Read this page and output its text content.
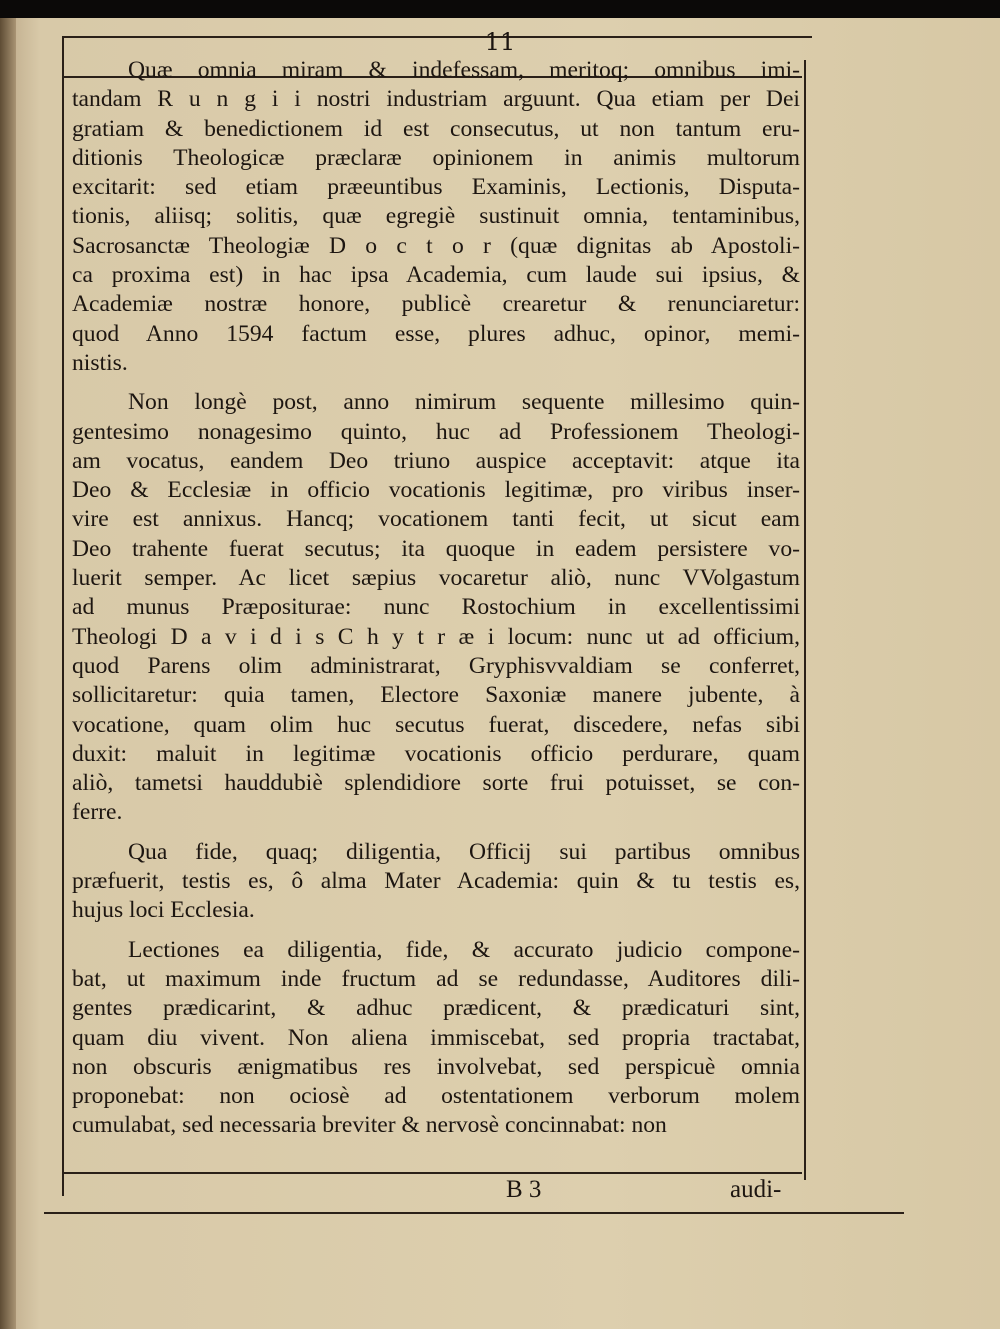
11
Quæ omnia miram & indefessam, meritoq; omnibus imi-
tandam R u n g i i nostri industriam arguunt. Qua etiam per Dei
gratiam & benedictionem id est consecutus, ut non tantum eru-
ditionis Theologicæ præclaræ opinionem in animis multorum
excitarit: sed etiam præeuntibus Examinis, Lectionis, Disputa-
tionis, aliisq; solitis, quæ egregiè sustinuit omnia, tentaminibus,
Sacrosanctæ Theologiæ D o c t o r (quæ dignitas ab Apostoli-
ca proxima est) in hac ipsa Academia, cum laude sui ipsius, &
Academiæ nostræ honore, publicè crearetur & renunciaretur:
quod Anno 1594 factum esse, plures adhuc, opinor, memi-
nistis.
Non longè post, anno nimirum sequente millesimo quin-
gentesimo nonagesimo quinto, huc ad Professionem Theologi-
am vocatus, eandem Deo triuno auspice acceptavit: atque ita
Deo & Ecclesiæ in officio vocationis legitimæ, pro viribus inser-
vire est annixus. Hancq; vocationem tanti fecit, ut sicut eam
Deo trahente fuerat secutus; ita quoque in eadem persistere vo-
luerit semper. Ac licet sæpius vocaretur aliò, nunc VVolgastum
ad munus Præpositurae: nunc Rostochium in excellentissimi
Theologi D a v i d i s C h y t r æ i locum: nunc ut ad officium,
quod Parens olim administrarat, Gryphisvvaldiam se conferret,
sollicitaretur: quia tamen, Electore Saxoniæ manere jubente, à
vocatione, quam olim huc secutus fuerat, discedere, nefas sibi
duxit: maluit in legitimæ vocationis officio perdurare, quam
aliò, tametsi hauddubiè splendidiore sorte frui potuisset, se con-
ferre.
Qua fide, quaq; diligentia, Officij sui partibus omnibus
præfuerit, testis es, ô alma Mater Academia: quin & tu testis es,
hujus loci Ecclesia.
Lectiones ea diligentia, fide, & accurato judicio compone-
bat, ut maximum inde fructum ad se redundasse, Auditores dili-
gentes prædicarint, & adhuc prædicent, & prædicaturi sint,
quam diu vivent. Non aliena immiscebat, sed propria tractabat,
non obscuris ænigmatibus res involvebat, sed perspicuè omnia
proponebat: non ociosè ad ostentationem verborum molem
cumulabat, sed necessaria breviter & nervosè concinnabat: non
B 3	audi-
